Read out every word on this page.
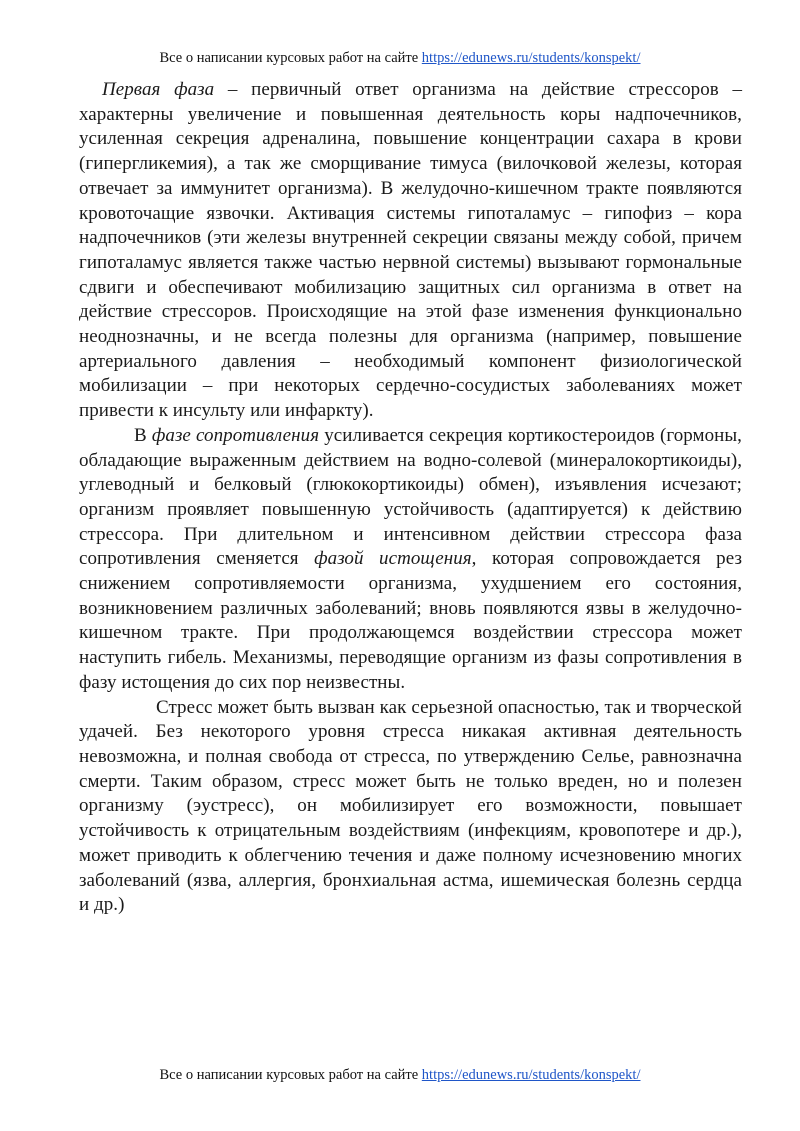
Все о написании курсовых работ на сайте https://edunews.ru/students/konspekt/

Первая фаза – первичный ответ организма на действие стрессоров – характерны увеличение и повышенная деятельность коры надпочечников, усиленная секреция адреналина, повышение концентрации сахара в крови (гипергликемия), а так же сморщивание тимуса (вилочковой железы, которая отвечает за иммунитет организма). В желудочно-кишечном тракте появляются кровоточащие язвочки. Активация системы гипоталамус – гипофиз – кора надпочечников (эти железы внутренней секреции связаны между собой, причем гипоталамус является также частью нервной системы) вызывают гормональные сдвиги и обеспечивают мобилизацию защитных сил организма в ответ на действие стрессоров. Происходящие на этой фазе изменения функционально неоднозначны, и не всегда полезны для организма (например, повышение артериального давления – необходимый компонент физиологической мобилизации – при некоторых сердечно-сосудистых заболеваниях может привести к инсульту или инфаркту).

В фазе сопротивления усиливается секреция кортикостероидов (гормоны, обладающие выраженным действием на водно-солевой (минералокортикоиды), углеводный и белковый (глюкокортикоиды) обмен), изъявления исчезают; организм проявляет повышенную устойчивость (адаптируется) к действию стрессора. При длительном и интенсивном действии стрессора фаза сопротивления сменяется фазой истощения, которая сопровождается рез снижением сопротивляемости организма, ухудшением его состояния, возникновением различных заболеваний; вновь появляются язвы в желудочно-кишечном тракте. При продолжающемся воздействии стрессора может наступить гибель. Механизмы, переводящие организм из фазы сопротивления в фазу истощения до сих пор неизвестны.

Стресс может быть вызван как серьезной опасностью, так и творческой удачей. Без некоторого уровня стресса никакая активная деятельность невозможна, и полная свобода от стресса, по утверждению Селье, равнозначна смерти. Таким образом, стресс может быть не только вреден, но и полезен организму (эустресс), он мобилизирует его возможности, повышает устойчивость к отрицательным воздействиям (инфекциям, кровопотере и др.), может приводить к облегчению течения и даже полному исчезновению многих заболеваний (язва, аллергия, бронхиальная астма, ишемическая болезнь сердца и др.)

Все о написании курсовых работ на сайте https://edunews.ru/students/konspekt/
